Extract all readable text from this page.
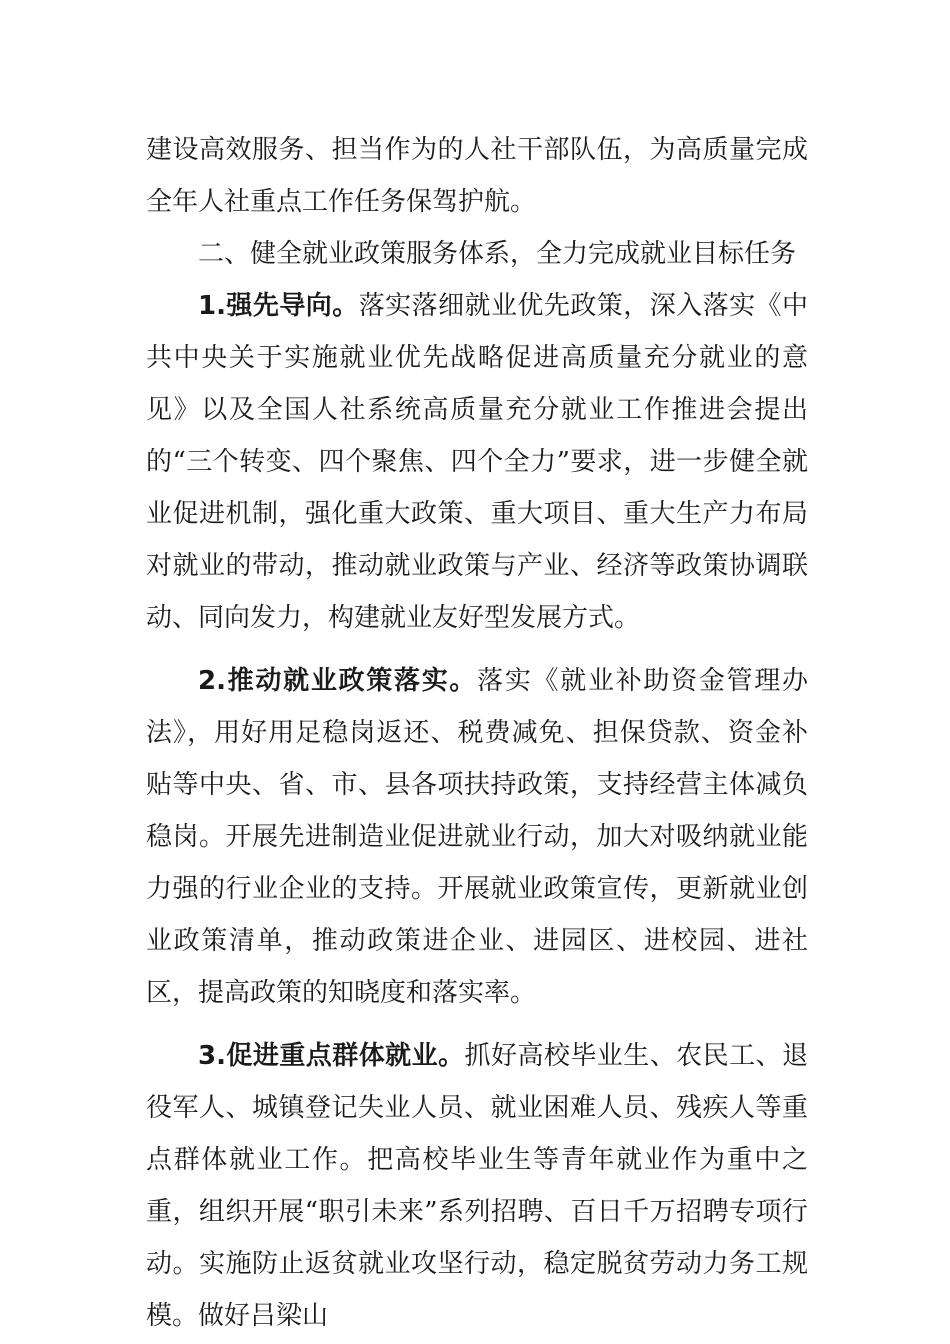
建设高效服务、担当作为的人社干部队伍，为高质量完成全年人社重点工作任务保驾护航。

二、健全就业政策服务体系，全力完成就业目标任务

1.强先导向。落实落细就业优先政策，深入落实《中共中央关于实施就业优先战略促进高质量充分就业的意见》以及全国人社系统高质量充分就业工作推进会提出的“三个转变、四个聚焦、四个全力”要求，进一步健全就业促进机制，强化重大政策、重大项目、重大生产力布局对就业的带动，推动就业政策与产业、经济等政策协调联动、同向发力，构建就业友好型发展方式。

2.推动就业政策落实。落实《就业补助资金管理办法》，用好用足稳岗返还、税费减免、担保贷款、资金补贴等中央、省、市、县各项扶持政策，支持经营主体减负稳岗。开展先进制造业促进就业行动，加大对吸纳就业能力强的行业企业的支持。开展就业政策宣传，更新就业创业政策清单，推动政策进企业、进园区、进校园、进社区，提高政策的知晓度和落实率。

3.促进重点群体就业。抓好高校毕业生、农民工、退役军人、城镇登记失业人员、就业困难人员、残疾人等重点群体就业工作。把高校毕业生等青年就业作为重中之重，组织开展“职引未来”系列招聘、百日千万招聘专项行动。实施防止返贫就业攻坚行动，稳定脱贫劳动力务工规模。做好吕梁山
